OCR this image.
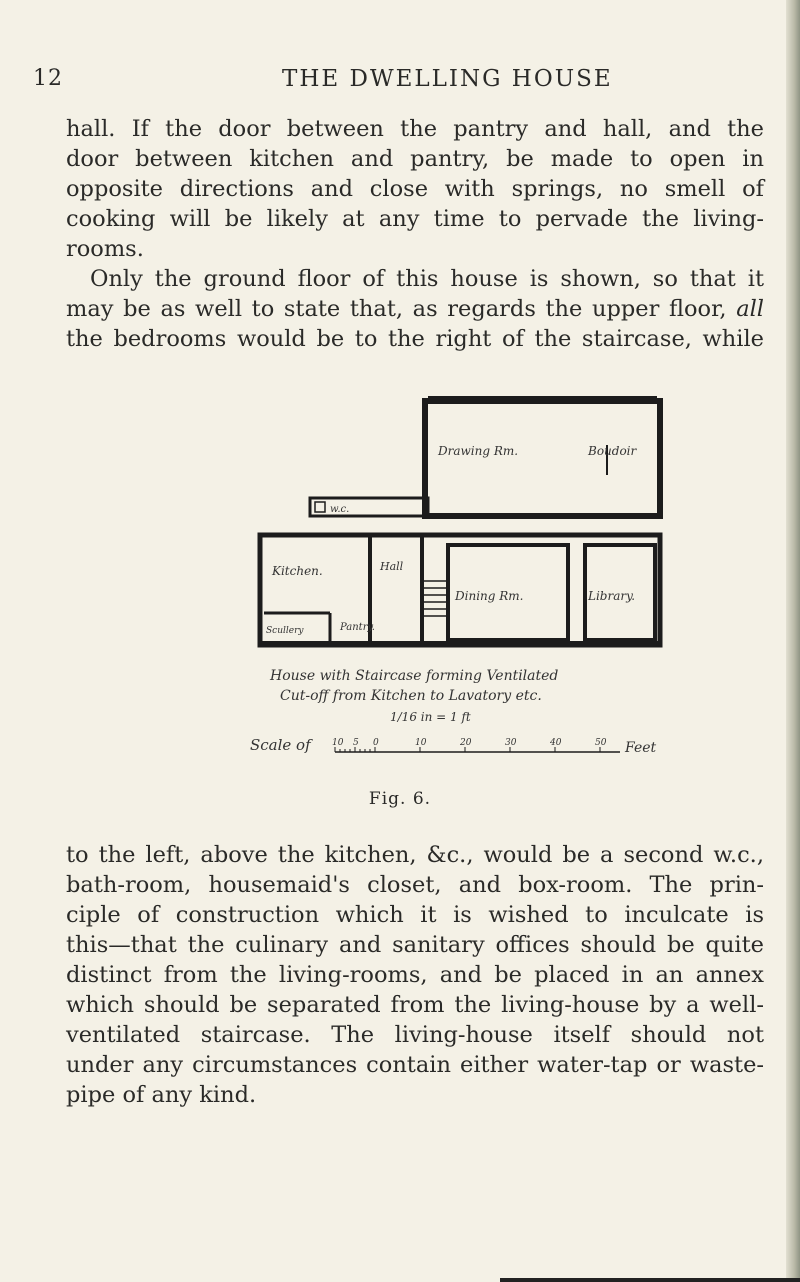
12	THE DWELLING HOUSE

hall. If the door between the pantry and hall, and the
door between kitchen and pantry, be made to open in
opposite directions and close with springs, no smell of
cooking will be likely at any time to pervade the living-
rooms.

Only the ground floor of this house is shown, so that it
may be as well to state that, as regards the upper floor, all
the bedrooms would be to the right of the staircase, while

Drawing Rm.	Boudoir
w.c.
Kitchen.	Hall
Scullery	Pantry.
Dining Rm.	Library.
House with Staircase forming Ventilated
Cut-off from Kitchen to Lavatory etc.
1/16 in = 1 ft
Scale of 10 5 0	10	20	30	40	50 Feet
Fig. 6.

to the left, above the kitchen, &c., would be a second w.c.,
bath-room, housemaid's closet, and box-room. The prin-
ciple of construction which it is wished to inculcate is
this—that the culinary and sanitary offices should be quite
distinct from the living-rooms, and be placed in an annex
which should be separated from the living-house by a well-
ventilated staircase. The living-house itself should not
under any circumstances contain either water-tap or waste-
pipe of any kind.
